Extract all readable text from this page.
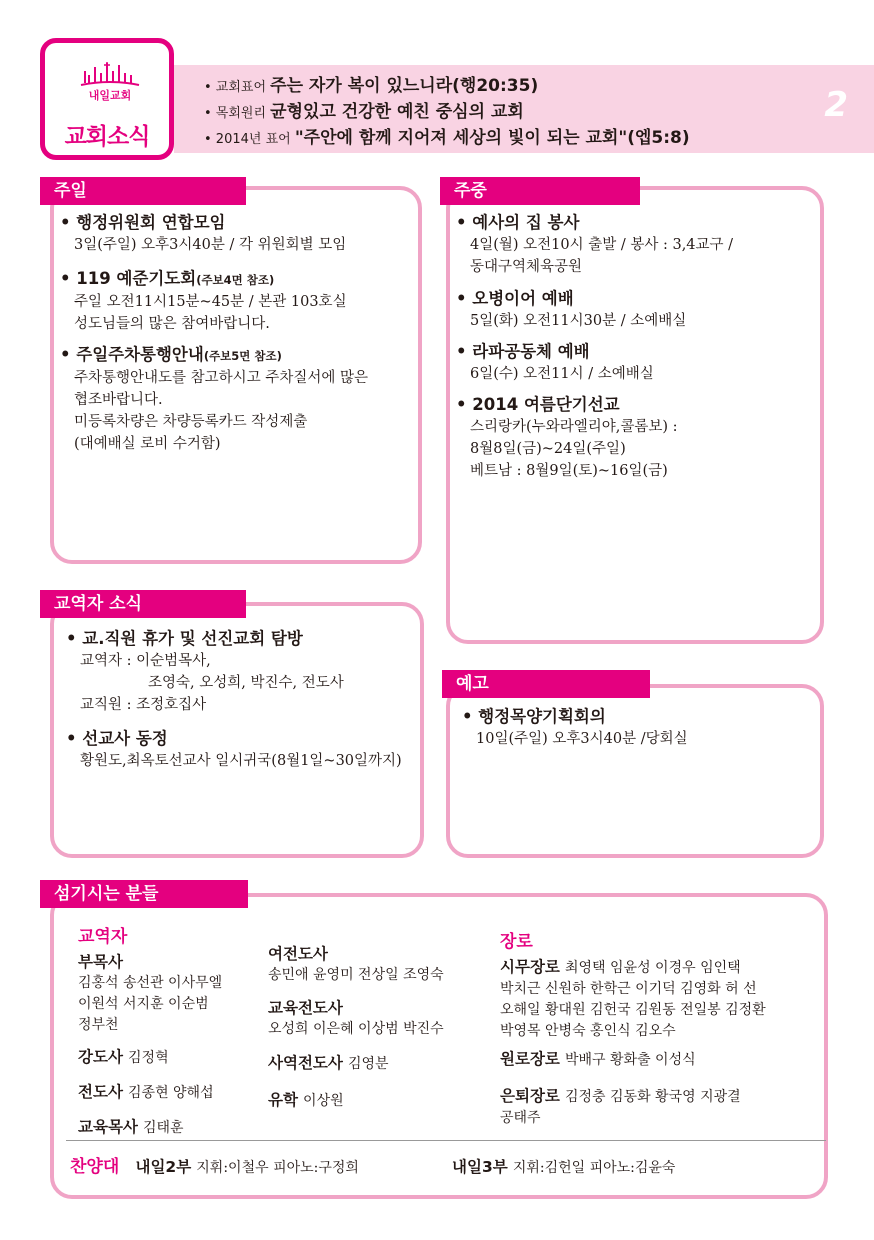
• 교회표어 주는 자가 복이 있느니라(행20:35)
• 목회원리 균형있고 건강한 예친 중심의 교회
• 2014년 표어 "주안에 함께 지어져 세상의 빛이 되는 교회"(엡5:8)
2
내일교회
교회소식
주일
• 행정위원회 연합모임
3일(주일) 오후3시40분 / 각 위원회별 모임
• 119 예준기도회(주보4면 참조)
주일 오전11시15분~45분 / 본관 103호실
성도님들의 많은 참여바랍니다.
• 주일주차통행안내(주보5면 참조)
주차통행안내도를 참고하시고 주차질서에 많은
협조바랍니다.
미등록차량은 차량등록카드 작성제출
(대예배실 로비 수거함)
주중
• 예사의 집 봉사
4일(월) 오전10시 출발 / 봉사 : 3,4교구 /
동대구역체육공원
• 오병이어 예배
5일(화) 오전11시30분 / 소예배실
• 라파공동체 예배
6일(수) 오전11시 / 소예배실
• 2014 여름단기선교
스리랑카(누와라엘리야,콜롬보) :
8월8일(금)~24일(주일)
베트남 : 8월9일(토)~16일(금)
교역자 소식
• 교.직원 휴가 및 선진교회 탐방
교역자 : 이순범목사,
조영숙, 오성희, 박진수, 전도사
교직원 : 조정호집사
• 선교사 동정
황원도,최옥토선교사 일시귀국(8월1일~30일까지)
예고
• 행정목양기획회의
10일(주일) 오후3시40분 /당회실
섬기시는 분들
교역자
부목사
김홍석 송선관 이사무엘
이원석 서지훈 이순범
정부천
강도사 김정혁
전도사 김종현 양해섭
교육목사 김태훈
여전도사
송민애 윤영미 전상일 조영숙
교육전도사
오성희 이은혜 이상범 박진수
사역전도사 김영분
유학 이상원
장로
시무장로 최영택 임윤성 이경우 임인택
박치근 신원하 한학근 이기덕 김영화 허 선
오해일 황대원 김헌국 김원동 전일봉 김정환
박영목 안병숙 홍인식 김오수
원로장로 박배구 황화출 이성식
은퇴장로 김정충 김동화 황국영 지광결
공태주
찬양대 내일2부 지휘:이철우 피아노:구정희	내일3부 지휘:김헌일 피아노:김윤숙
